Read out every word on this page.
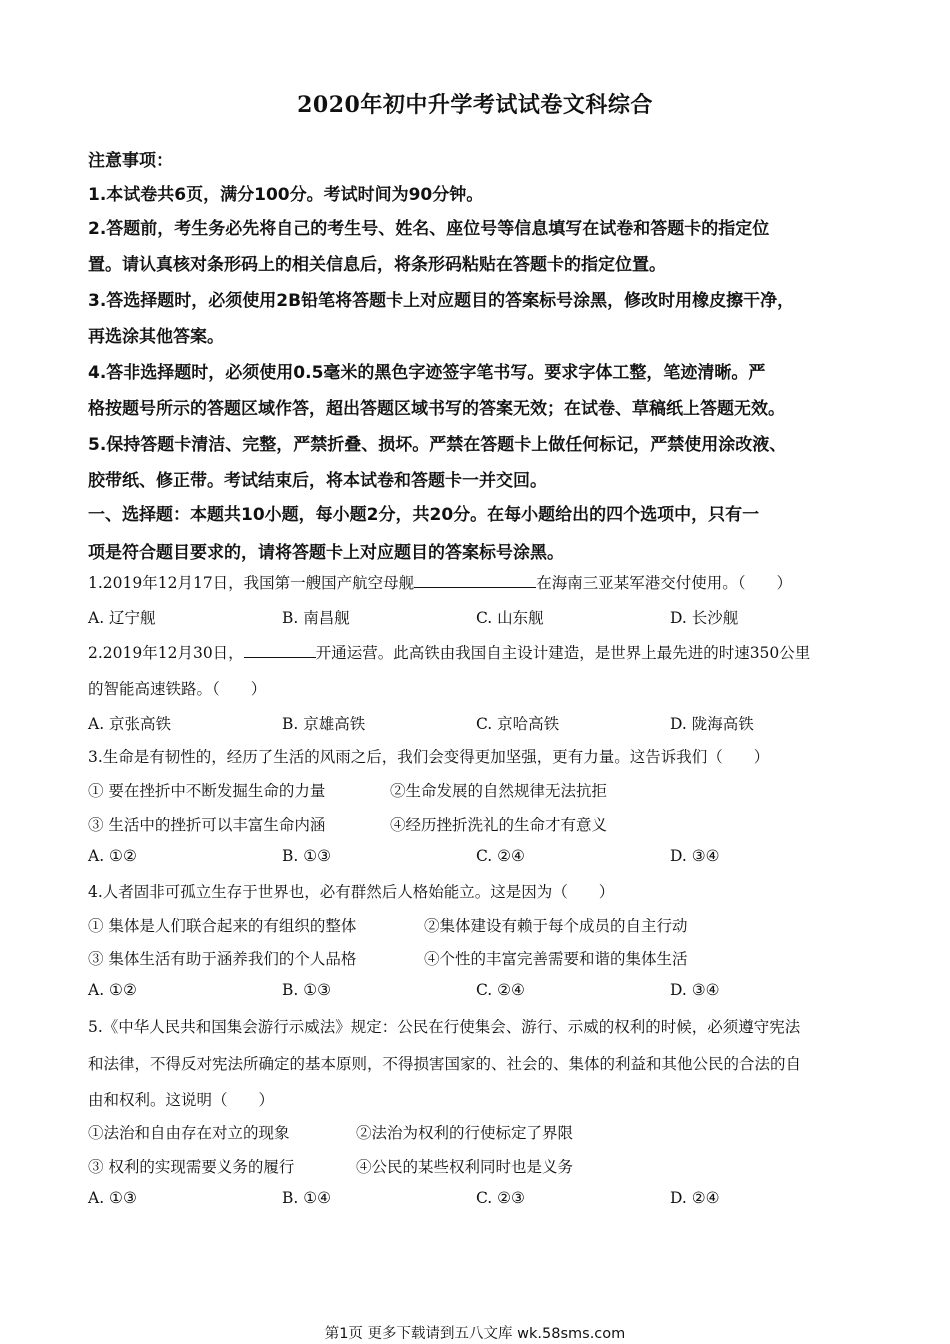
2020年初中升学考试试卷文科综合
注意事项：
1.本试卷共6页，满分100分。考试时间为90分钟。
2.答题前，考生务必先将自己的考生号、姓名、座位号等信息填写在试卷和答题卡的指定位
置。请认真核对条形码上的相关信息后，将条形码粘贴在答题卡的指定位置。
3.答选择题时，必须使用2B铅笔将答题卡上对应题目的答案标号涂黑，修改时用橡皮擦干净，
再选涂其他答案。
4.答非选择题时，必须使用0.5毫米的黑色字迹签字笔书写。要求字体工整，笔迹清晰。严
格按题号所示的答题区域作答，超出答题区域书写的答案无效；在试卷、草稿纸上答题无效。
5.保持答题卡清洁、完整，严禁折叠、损坏。严禁在答题卡上做任何标记，严禁使用涂改液、
胶带纸、修正带。考试结束后，将本试卷和答题卡一并交回。
一、选择题：本题共10小题，每小题2分，共20分。在每小题给出的四个选项中，只有一
项是符合题目要求的，请将答题卡上对应题目的答案标号涂黑。
1.2019年12月17日，我国第一艘国产航空母舰	在海南三亚某军港交付使用。（　　）
A. 辽宁舰	B. 南昌舰	C. 山东舰	D. 长沙舰
2.2019年12月30日，	开通运营。此高铁由我国自主设计建造，是世界上最先进的时速350公里
的智能高速铁路。（　　）
A. 京张高铁	B. 京雄高铁	C. 京哈高铁	D. 陇海高铁
3.生命是有韧性的，经历了生活的风雨之后，我们会变得更加坚强，更有力量。这告诉我们（　　）
① 要在挫折中不断发掘生命的力量	②生命发展的自然规律无法抗拒
③ 生活中的挫折可以丰富生命内涵	④经历挫折洗礼的生命才有意义
A. ①②	B. ①③	C. ②④	D. ③④
4.人者固非可孤立生存于世界也，必有群然后人格始能立。这是因为（　　）
① 集体是人们联合起来的有组织的整体	②集体建设有赖于每个成员的自主行动
③ 集体生活有助于涵养我们的个人品格	④个性的丰富完善需要和谐的集体生活
A. ①②	B. ①③	C. ②④	D. ③④
5.《中华人民共和国集会游行示威法》规定：公民在行使集会、游行、示威的权利的时候，必须遵守宪法
和法律，不得反对宪法所确定的基本原则，不得损害国家的、社会的、集体的利益和其他公民的合法的自
由和权利。这说明（　　）
①法治和自由存在对立的现象	②法治为权利的行使标定了界限
③ 权利的实现需要义务的履行	④公民的某些权利同时也是义务
A. ①③	B. ①④	C. ②③	D. ②④
第1页 更多下载请到五八文库 wk.58sms.com
